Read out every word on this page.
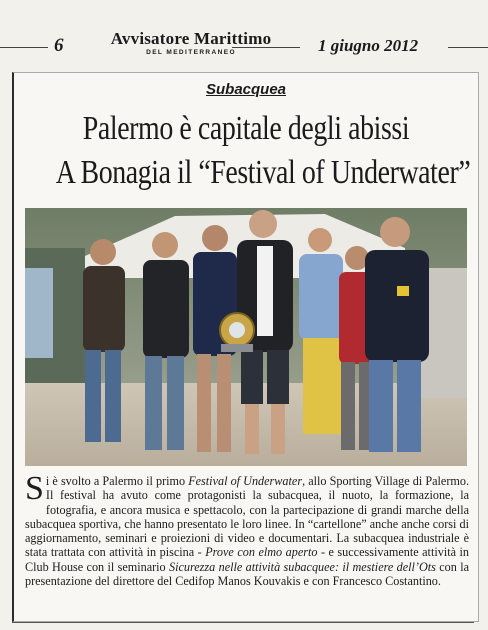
6	Avvisatore Marittimo
DEL MEDITERRANEO	1 giugno 2012
Subacquea
Palermo è capitale degli abissi
A Bonagia il “Festival of Underwater”
Si è svolto a Palermo il primo Festival of Underwater, allo Sporting Village di Palermo. Il festival ha avuto come protagonisti la subacquea, il nuoto, la formazione, la fotografia, e ancora musica e spettacolo, con la partecipazione di grandi marche della subacquea sportiva, che hanno presentato le loro linee. In “cartellone” anche anche corsi di aggiornamento, seminari e proiezioni di video e documentari. La subacquea industriale è stata trattata con attività in piscina - Prove con elmo aperto - e successivamente attività in Club House con il seminario Sicurezza nelle attività subacquee: il mestiere dell’Ots con la presentazione del direttore del Cedifop Manos Kouvakis e con Francesco Costantino.
